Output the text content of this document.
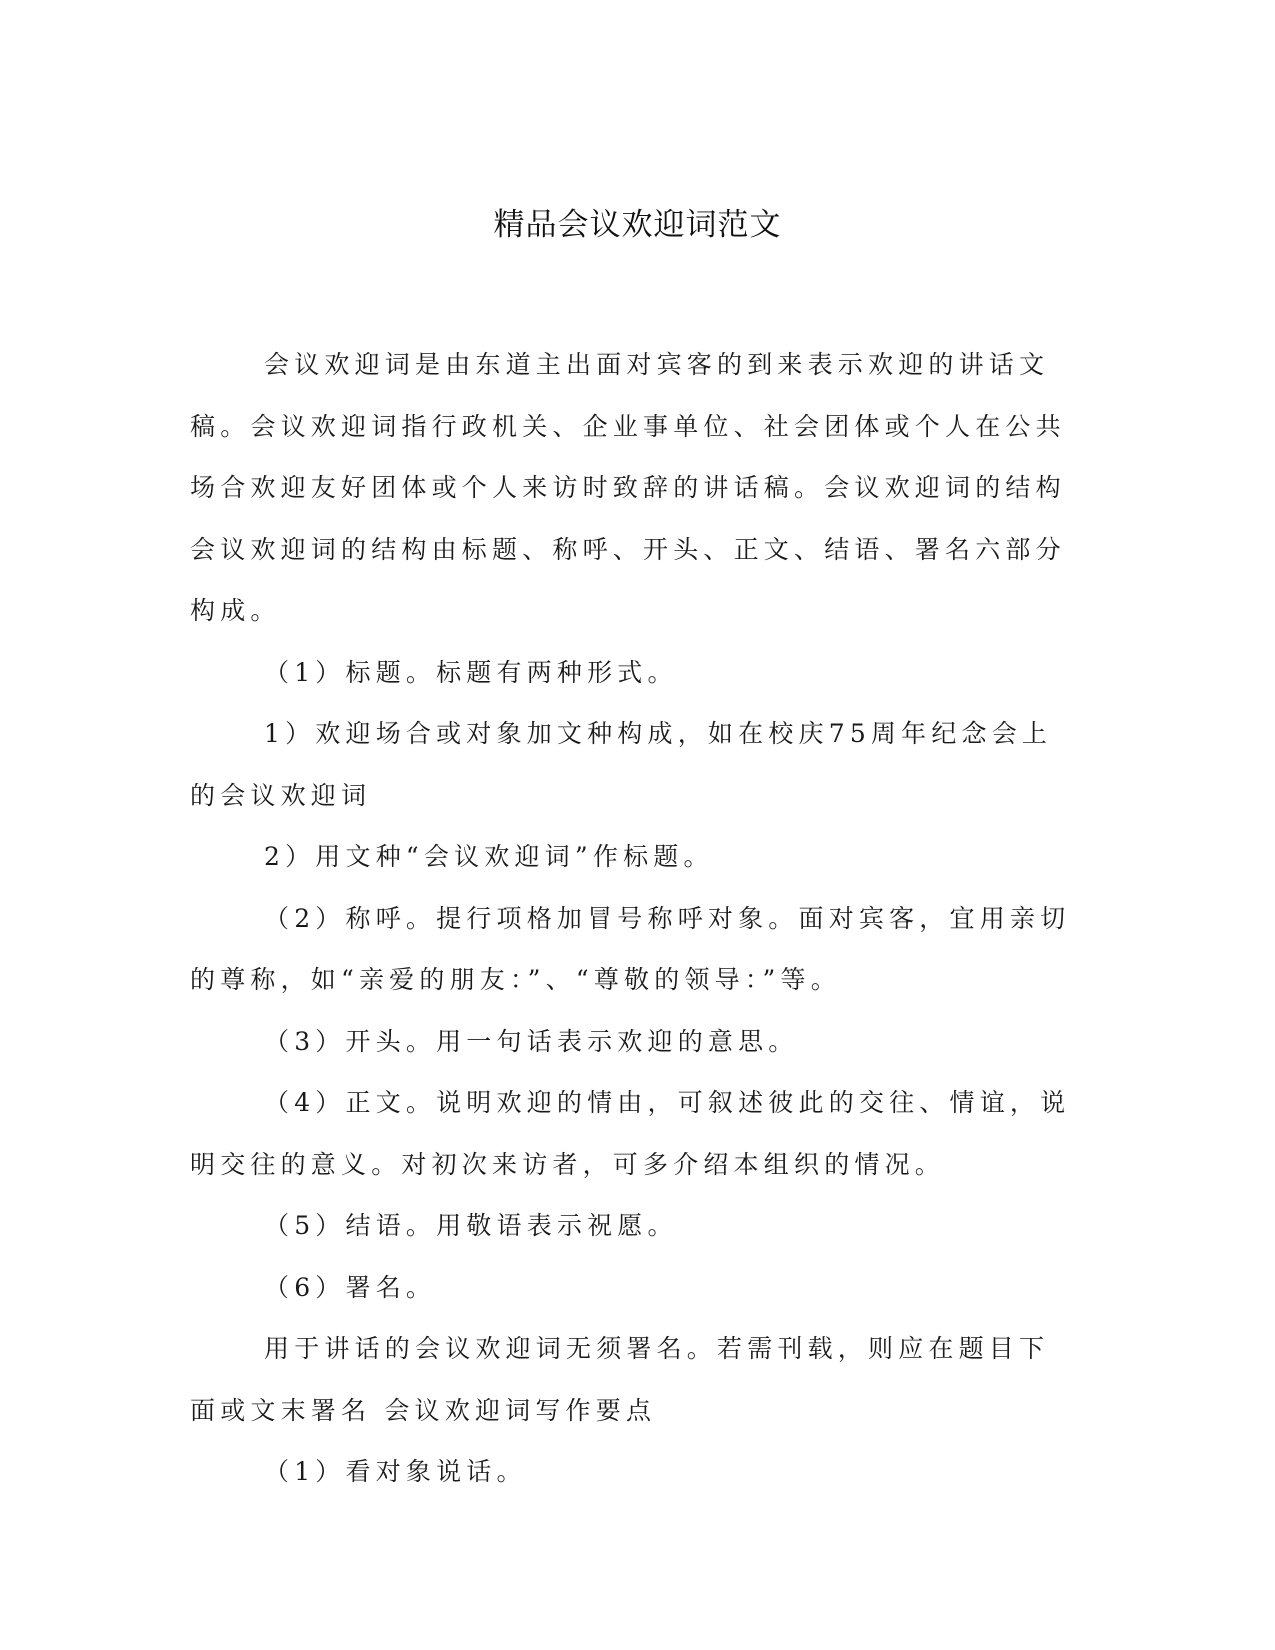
精品会议欢迎词范文

会议欢迎词是由东道主出面对宾客的到来表示欢迎的讲话文稿。会议欢迎词指行政机关、企业事单位、社会团体或个人在公共场合欢迎友好团体或个人来访时致辞的讲话稿。会议欢迎词的结构会议欢迎词的结构由标题、称呼、开头、正文、结语、署名六部分构成。

（1）标题。标题有两种形式。

1）欢迎场合或对象加文种构成，如在校庆75周年纪念会上的会议欢迎词

2）用文种“会议欢迎词”作标题。

（2）称呼。提行项格加冒号称呼对象。面对宾客，宜用亲切的尊称，如“亲爱的朋友：”、“尊敬的领导：”等。

（3）开头。用一句话表示欢迎的意思。

（4）正文。说明欢迎的情由，可叙述彼此的交往、情谊，说明交往的意义。对初次来访者，可多介绍本组织的情况。

（5）结语。用敬语表示祝愿。

（6）署名。

用于讲话的会议欢迎词无须署名。若需刊载，则应在题目下面或文末署名 会议欢迎词写作要点

（1）看对象说话。
